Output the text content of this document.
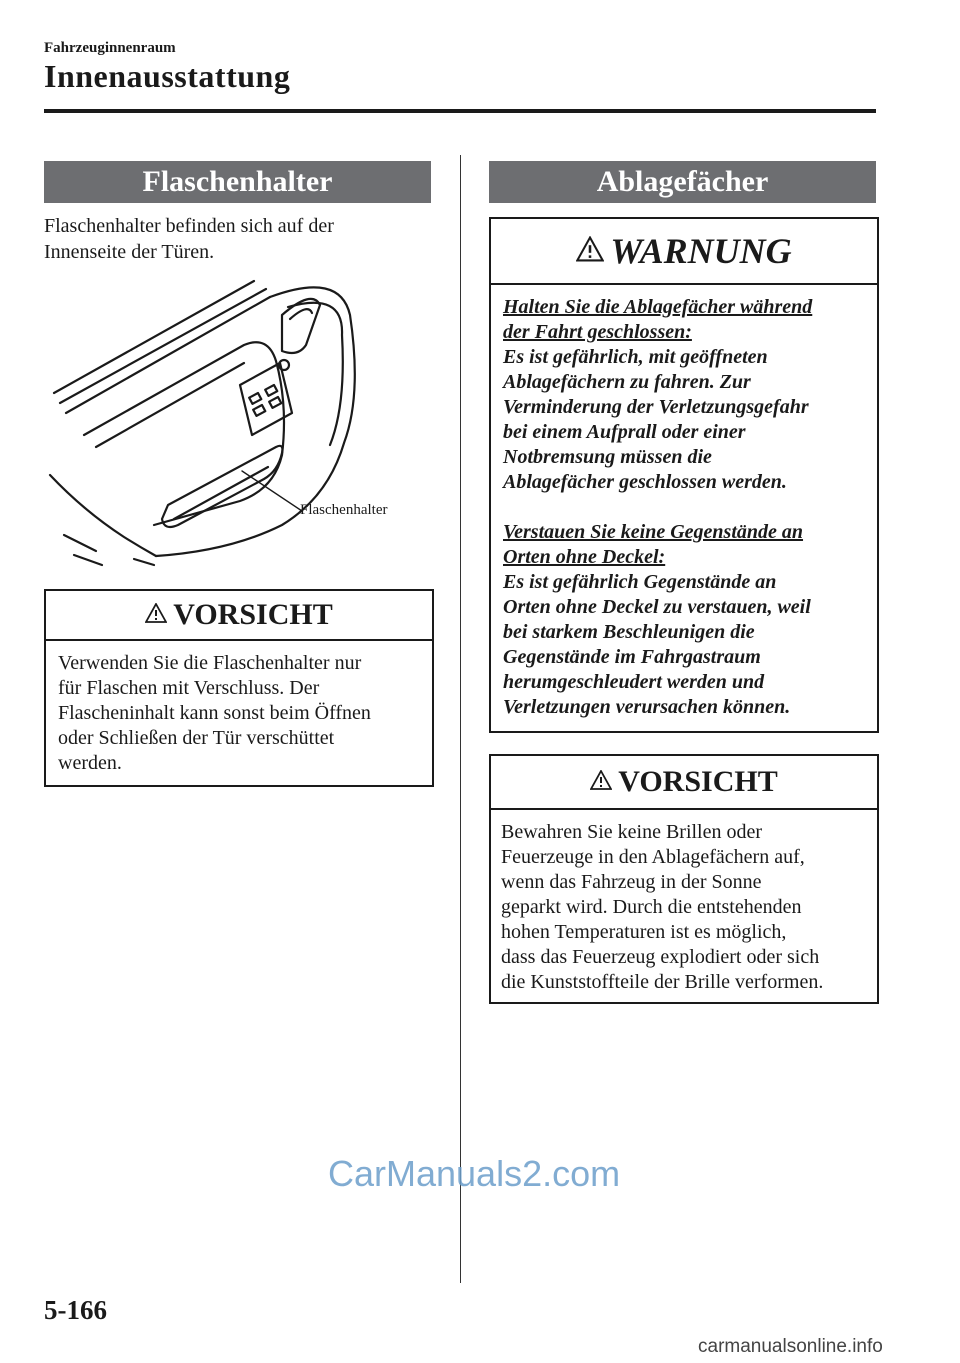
Fahrzeuginnenraum
Innenausstattung
Flaschenhalter
Flaschenhalter befinden sich auf der
Innenseite der Türen.
Flaschenhalter
VORSICHT
Verwenden Sie die Flaschenhalter nur
für Flaschen mit Verschluss. Der
Flascheninhalt kann sonst beim Öffnen
oder Schließen der Tür verschüttet
werden.
Ablagefächer
WARNUNG
Halten Sie die Ablagefächer während
der Fahrt geschlossen:
Es ist gefährlich, mit geöffneten
Ablagefächern zu fahren. Zur
Verminderung der Verletzungsgefahr
bei einem Aufprall oder einer
Notbremsung müssen die
Ablagefächer geschlossen werden.
Verstauen Sie keine Gegenstände an
Orten ohne Deckel:
Es ist gefährlich Gegenstände an
Orten ohne Deckel zu verstauen, weil
bei starkem Beschleunigen die
Gegenstände im Fahrgastraum
herumgeschleudert werden und
Verletzungen verursachen können.
VORSICHT
Bewahren Sie keine Brillen oder
Feuerzeuge in den Ablagefächern auf,
wenn das Fahrzeug in der Sonne
geparkt wird. Durch die entstehenden
hohen Temperaturen ist es möglich,
dass das Feuerzeug explodiert oder sich
die Kunststoffteile der Brille verformen.
CarManuals2.com
5-166
carmanualsonline.info
